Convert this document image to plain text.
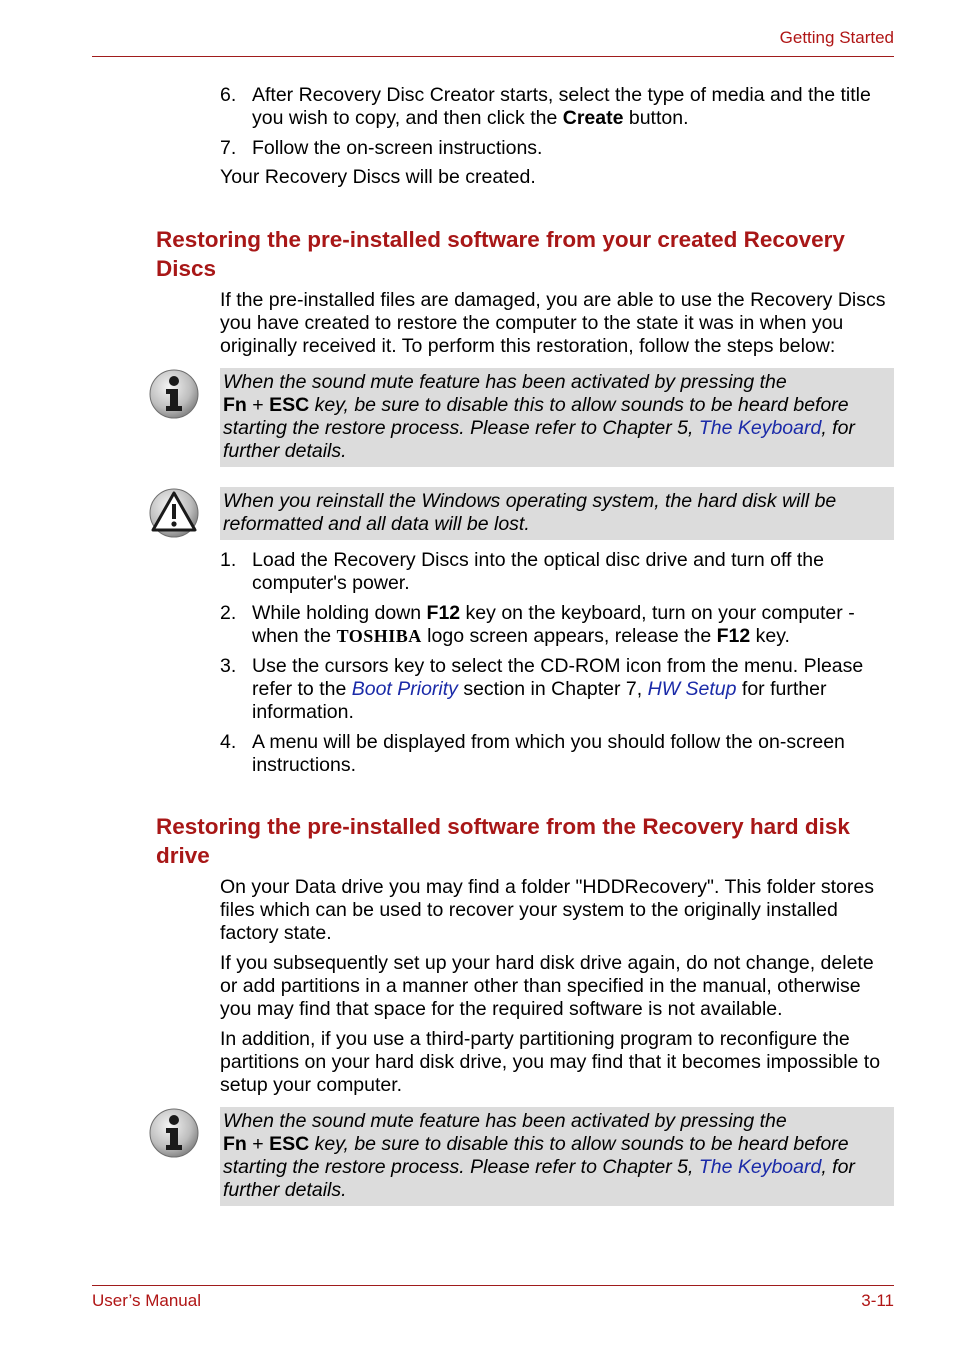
Getting Started
6. After Recovery Disc Creator starts, select the type of media and the title you wish to copy, and then click the Create button.
7. Follow the on-screen instructions.

Your Recovery Discs will be created.

Restoring the pre-installed software from your created Recovery Discs

If the pre-installed files are damaged, you are able to use the Recovery Discs you have created to restore the computer to the state it was in when you originally received it. To perform this restoration, follow the steps below:

When the sound mute feature has been activated by pressing the
Fn + ESC key, be sure to disable this to allow sounds to be heard before starting the restore process. Please refer to Chapter 5, The Keyboard, for further details.
When you reinstall the Windows operating system, the hard disk will be reformatted and all data will be lost.
1. Load the Recovery Discs into the optical disc drive and turn off the computer's power.
2. While holding down F12 key on the keyboard, turn on your computer - when the TOSHIBA logo screen appears, release the F12 key.
3. Use the cursors key to select the CD-ROM icon from the menu. Please refer to the Boot Priority section in Chapter 7, HW Setup for further information.
4. A menu will be displayed from which you should follow the on-screen instructions.
Restoring the pre-installed software from the Recovery hard disk drive

On your Data drive you may find a folder "HDDRecovery". This folder stores files which can be used to recover your system to the originally installed factory state.

If you subsequently set up your hard disk drive again, do not change, delete or add partitions in a manner other than specified in the manual, otherwise you may find that space for the required software is not available.

In addition, if you use a third-party partitioning program to reconfigure the partitions on your hard disk drive, you may find that it becomes impossible to setup your computer.

When the sound mute feature has been activated by pressing the
Fn + ESC key, be sure to disable this to allow sounds to be heard before starting the restore process. Please refer to Chapter 5, The Keyboard, for further details.
User’s Manual	3-11
